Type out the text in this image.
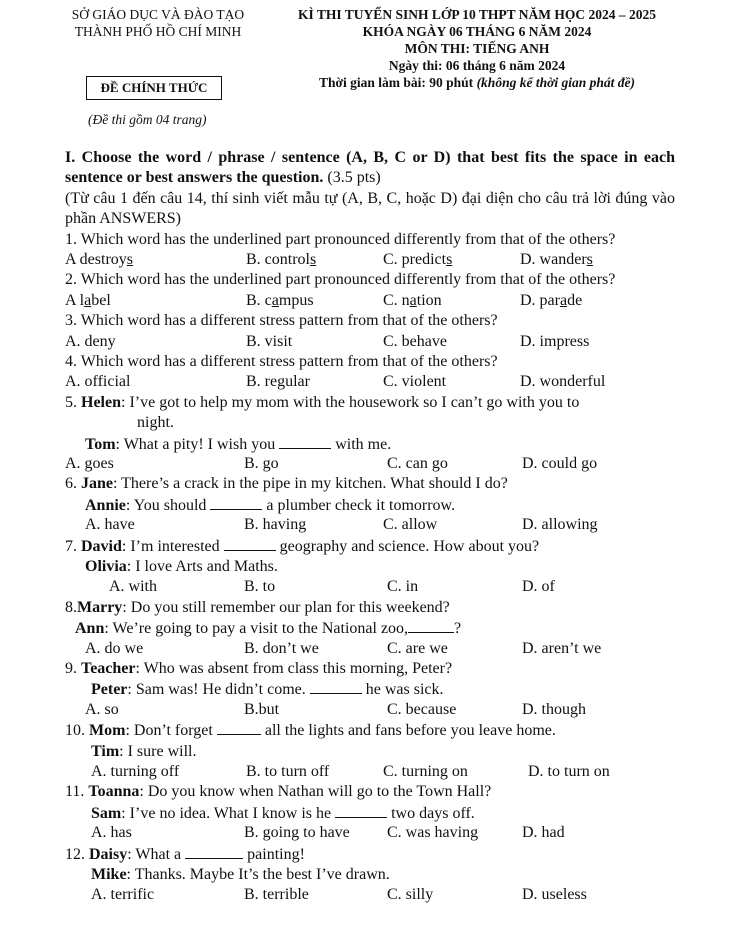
SỞ GIÁO DỤC VÀ ĐÀO TẠO
THÀNH PHỐ HỒ CHÍ MINH
KÌ THI TUYỂN SINH LỚP 10 THPT NĂM HỌC 2024 – 2025
KHÓA NGÀY 06 THÁNG 6 NĂM 2024
MÔN THI: TIẾNG ANH
Ngày thi: 06 tháng 6 năm 2024
Thời gian làm bài: 90 phút (không kể thời gian phát đề)
ĐỀ CHÍNH THỨC
(Đề thi gồm 04 trang)

I. Choose the word / phrase / sentence (A, B, C or D) that best fits the space in each sentence or best answers the question. (3.5 pts)

(Từ câu 1 đến câu 14, thí sinh viết mẫu tự (A, B, C, hoặc D) đại diện cho câu trả lời đúng vào phần ANSWERS)

1. Which word has the underlined part pronounced differently from that of the others?

A destroys	B. controls	C. predicts	D. wanders

2. Which word has the underlined part pronounced differently from that of the others?

A label	B. campus	C. nation	D. parade

3. Which word has a different stress pattern from that of the others?

A. deny	B. visit	C. behave	D. impress

4. Which word has a different stress pattern from that of the others?

A. official	B. regular	C. violent	D. wonderful

5. Helen: I’ve got to help my mom with the housework so I can’t go with you to

night.
Tom: What a pity! I wish you	with me.
A. goes	B. go	C. can go	D. could go

6. Jane: There’s a crack in the pipe in my kitchen. What should I do?

Annie: You should	a plumber check it tomorrow.
A. have	B. having	C. allow	D. allowing

7. David: I’m interested	geography and science. How about you?

Olivia: I love Arts and Maths.
A. with	B. to	C. in	D. of

8.Marry: Do you still remember our plan for this weekend?

Ann: We’re going to pay a visit to the National zoo,	?
A. do we	B. don’t we	C. are we	D. aren’t we

9. Teacher: Who was absent from class this morning, Peter?

Peter: Sam was! He didn’t come.	he was sick.
A. so	B.but	C. because	D. though

10. Mom: Don’t forget	all the lights and fans before you leave home.

Tim: I sure will.
A. turning off	B. to turn off	C. turning on	D. to turn on

11. Toanna: Do you know when Nathan will go to the Town Hall?

Sam: I’ve no idea. What I know is he	two days off.
A. has	B. going to have C. was having	D. had

12. Daisy: What a	painting!

Mike: Thanks. Maybe It’s the best I’ve drawn.
A. terrific	B. terrible	C. silly	D. useless
